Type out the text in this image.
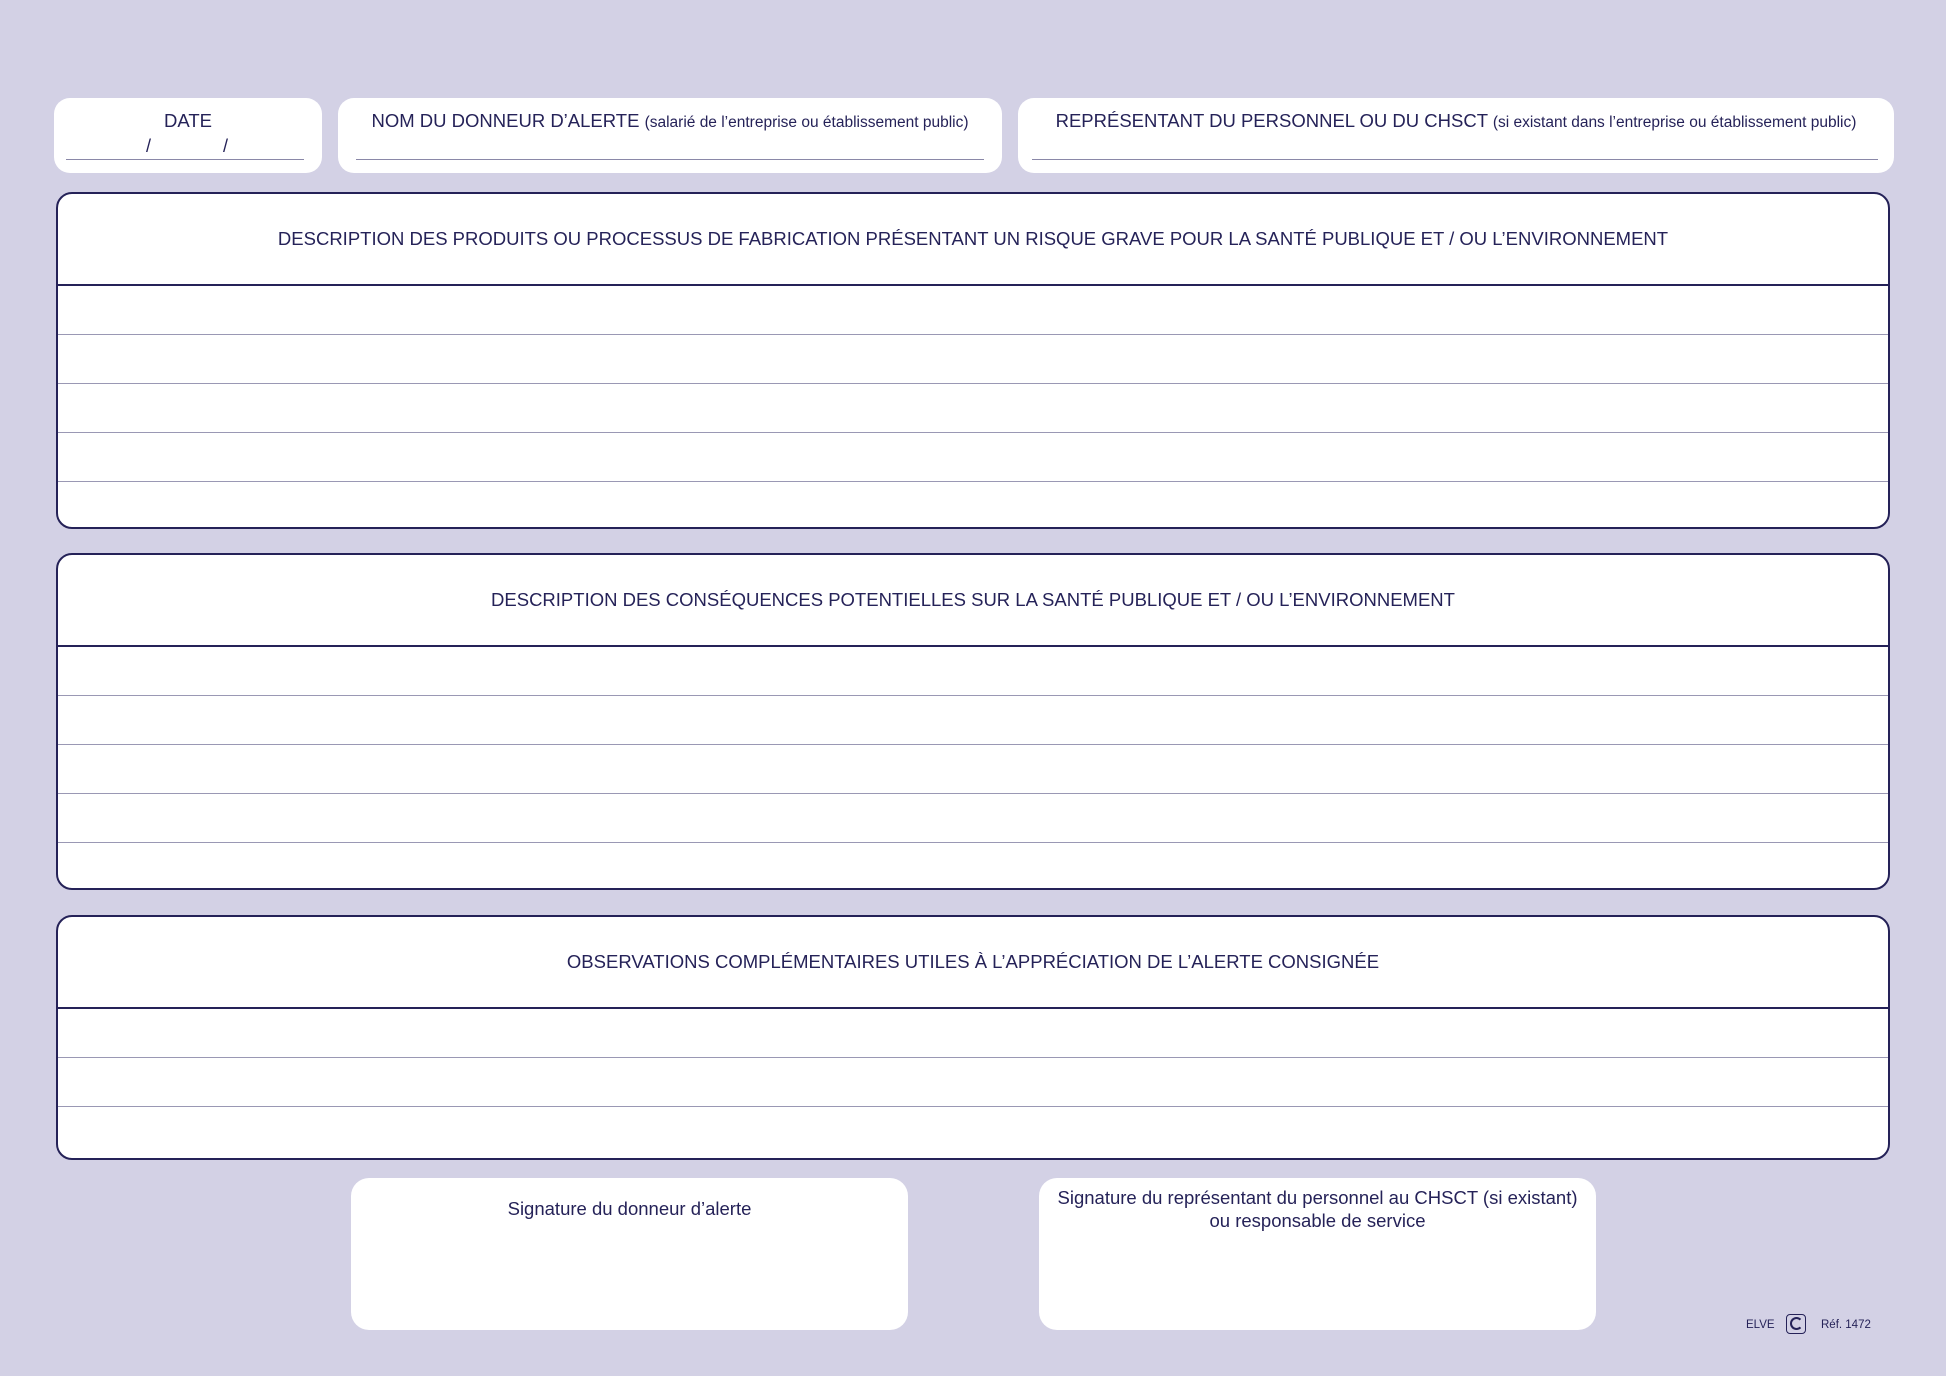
DATE
/	/
NOM DU DONNEUR D’ALERTE (salarié de l’entreprise ou établissement public)	REPRÉSENTANT DU PERSONNEL OU DU CHSCT (si existant dans l’entreprise ou établissement public)
DESCRIPTION DES PRODUITS OU PROCESSUS DE FABRICATION PRÉSENTANT UN RISQUE GRAVE POUR LA SANTÉ PUBLIQUE ET / OU L’ENVIRONNEMENT
DESCRIPTION DES CONSÉQUENCES POTENTIELLES SUR LA SANTÉ PUBLIQUE ET / OU L’ENVIRONNEMENT
OBSERVATIONS COMPLÉMENTAIRES UTILES À L’APPRÉCIATION DE L’ALERTE CONSIGNÉE
Signature du donneur d’alerte
Signature du représentant du personnel au CHSCT (si existant)
ou responsable de service
ELVE	Réf. 1472
